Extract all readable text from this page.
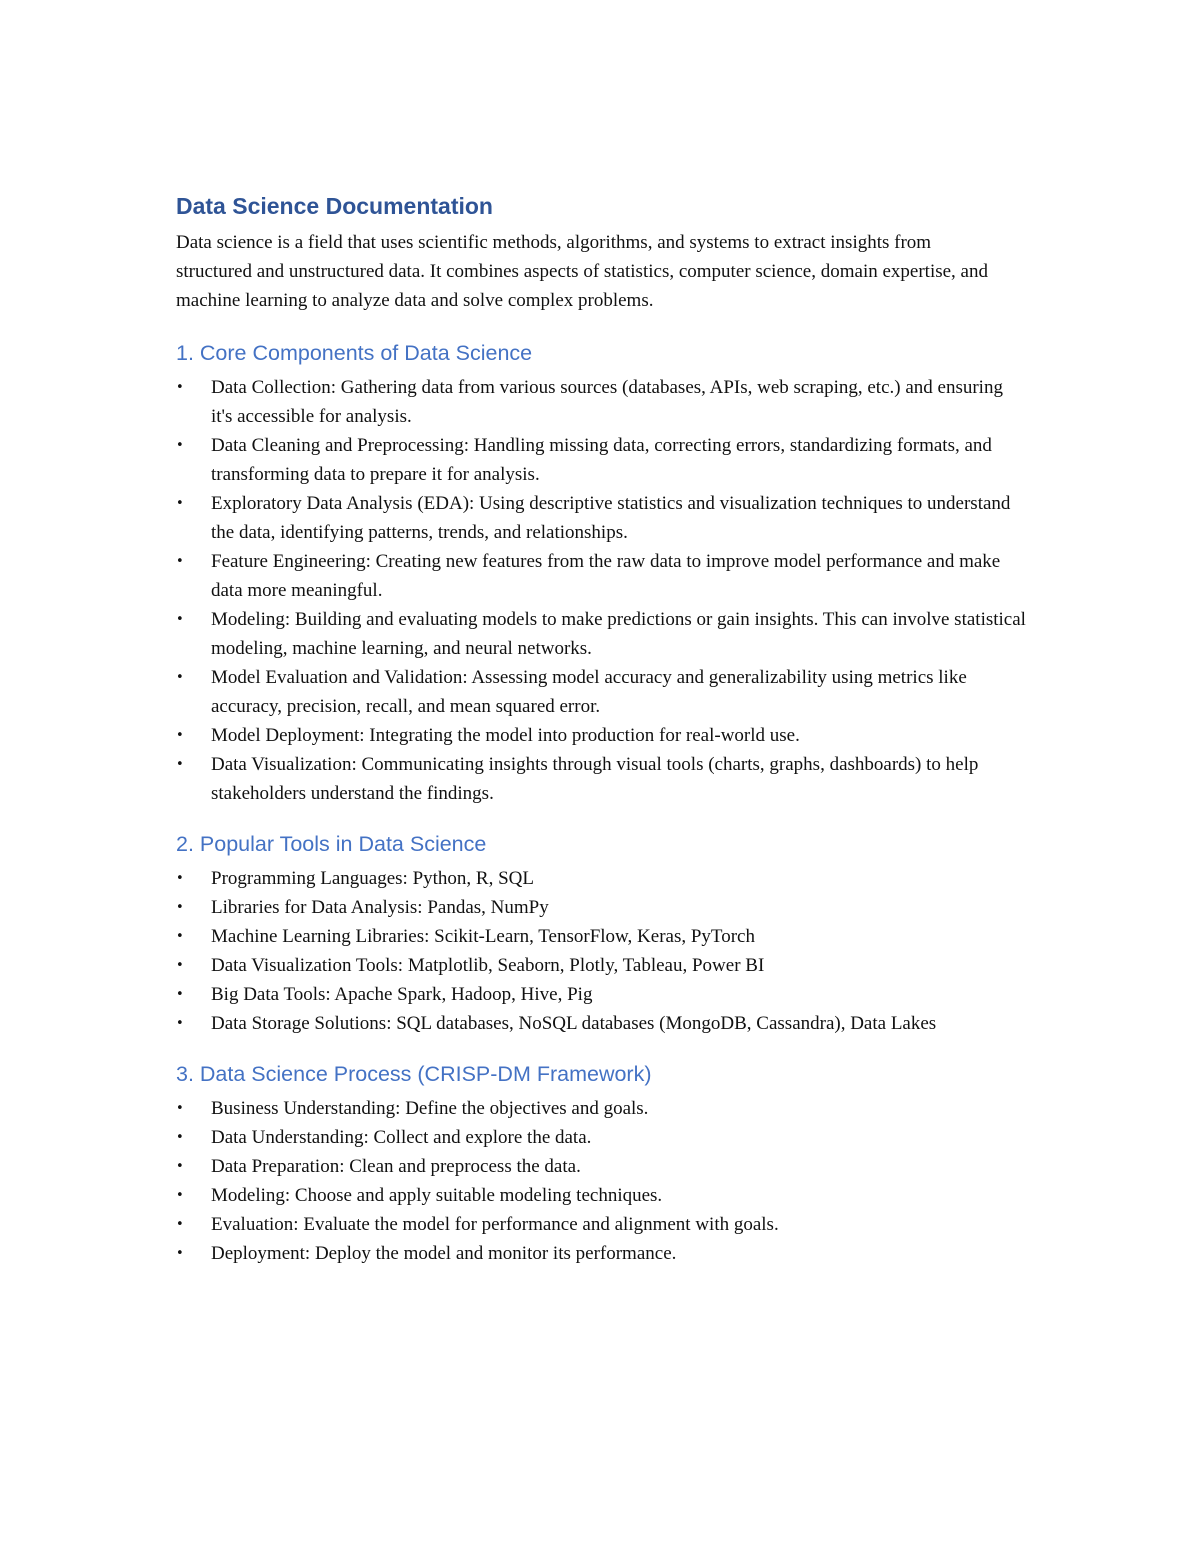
Data Science Documentation

Data science is a field that uses scientific methods, algorithms, and systems to extract insights from structured and unstructured data. It combines aspects of statistics, computer science, domain expertise, and machine learning to analyze data and solve complex problems.

1. Core Components of Data Science
• Data Collection: Gathering data from various sources (databases, APIs, web scraping, etc.) and ensuring it's accessible for analysis.
• Data Cleaning and Preprocessing: Handling missing data, correcting errors, standardizing formats, and transforming data to prepare it for analysis.
• Exploratory Data Analysis (EDA): Using descriptive statistics and visualization techniques to understand the data, identifying patterns, trends, and relationships.
• Feature Engineering: Creating new features from the raw data to improve model performance and make data more meaningful.
• Modeling: Building and evaluating models to make predictions or gain insights. This can involve statistical modeling, machine learning, and neural networks.
• Model Evaluation and Validation: Assessing model accuracy and generalizability using metrics like accuracy, precision, recall, and mean squared error.
• Model Deployment: Integrating the model into production for real-world use.
• Data Visualization: Communicating insights through visual tools (charts, graphs, dashboards) to help stakeholders understand the findings.
2. Popular Tools in Data Science
• Programming Languages: Python, R, SQL
• Libraries for Data Analysis: Pandas, NumPy
• Machine Learning Libraries: Scikit-Learn, TensorFlow, Keras, PyTorch
• Data Visualization Tools: Matplotlib, Seaborn, Plotly, Tableau, Power BI
• Big Data Tools: Apache Spark, Hadoop, Hive, Pig
• Data Storage Solutions: SQL databases, NoSQL databases (MongoDB, Cassandra), Data Lakes
3. Data Science Process (CRISP-DM Framework)
• Business Understanding: Define the objectives and goals.
• Data Understanding: Collect and explore the data.
• Data Preparation: Clean and preprocess the data.
• Modeling: Choose and apply suitable modeling techniques.
• Evaluation: Evaluate the model for performance and alignment with goals.
• Deployment: Deploy the model and monitor its performance.
